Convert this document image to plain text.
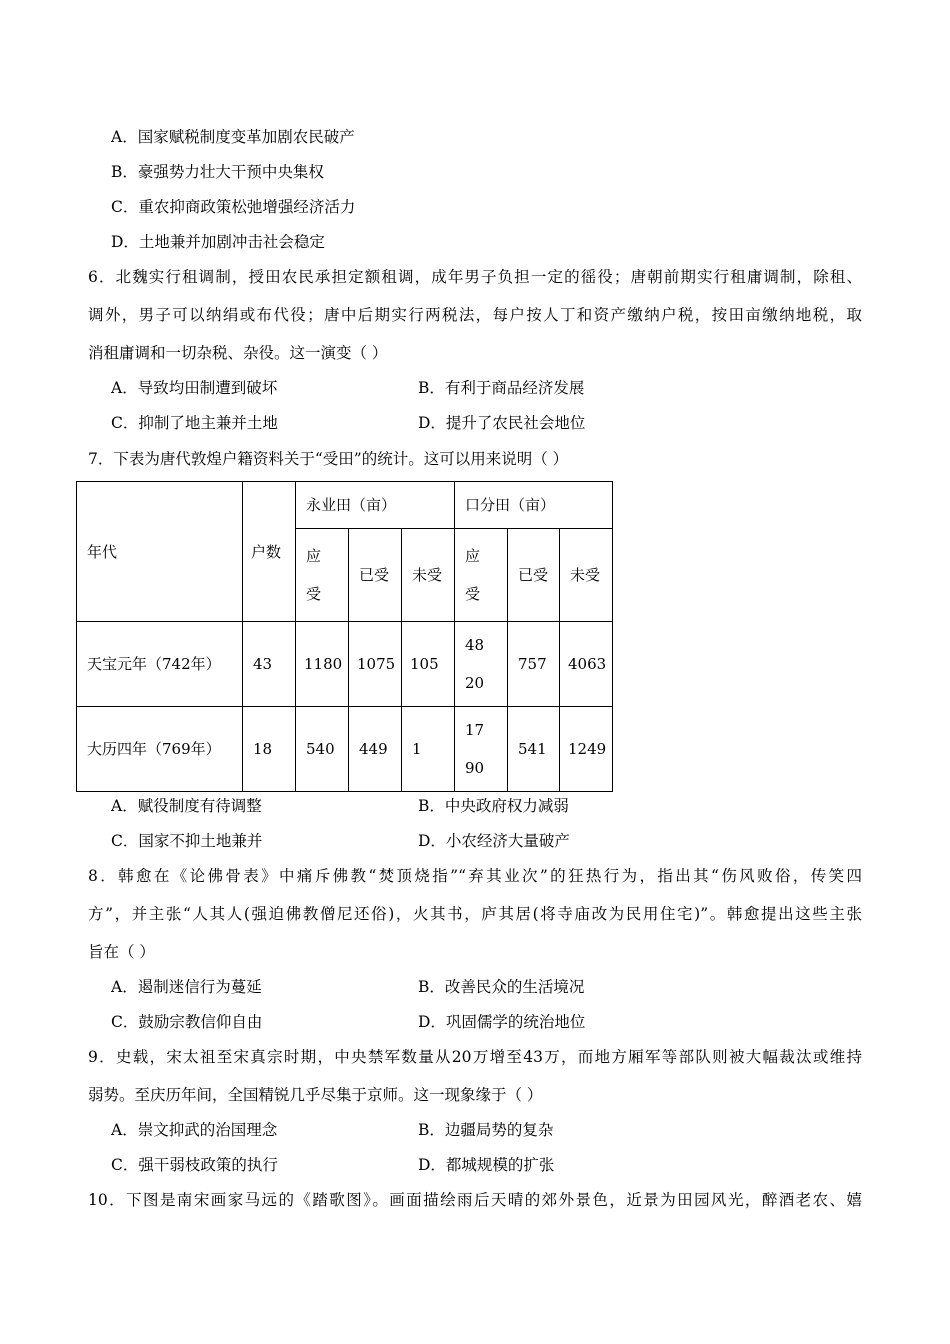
A．国家赋税制度变革加剧农民破产
B．豪强势力壮大干预中央集权
C．重农抑商政策松弛增强经济活力
D．土地兼并加剧冲击社会稳定
6．北魏实行租调制，授田农民承担定额租调，成年男子负担一定的徭役；唐朝前期实行租庸调制，除租、
调外，男子可以纳绢或布代役；唐中后期实行两税法，每户按人丁和资产缴纳户税，按田亩缴纳地税，取
消租庸调和一切杂税、杂役。这一演变（ ）
A．导致均田制遭到破坏	B．有利于商品经济发展
C．抑制了地主兼并土地	D．提升了农民社会地位
7．下表为唐代敦煌户籍资料关于“受田”的统计。这可以用来说明（ ）
年代	户数	永业田（亩）			口分田（亩）		
		应受	已受	未受	应受	已受	未受
天宝元年（742年）	43	1180	1075	105	4820	757	4063
大历四年（769年）	18	540	449	1	1790	541	1249
A．赋役制度有待调整	B．中央政府权力减弱
C．国家不抑土地兼并	D．小农经济大量破产
8．韩愈在《论佛骨表》中痛斥佛教“焚顶烧指”“弃其业次”的狂热行为，指出其“伤风败俗，传笑四
方”，并主张“人其人(强迫佛教僧尼还俗)，火其书，庐其居(将寺庙改为民用住宅)”。韩愈提出这些主张
旨在（ ）
A．遏制迷信行为蔓延	B．改善民众的生活境况
C．鼓励宗教信仰自由	D．巩固儒学的统治地位
9．史载，宋太祖至宋真宗时期，中央禁军数量从20万增至43万，而地方厢军等部队则被大幅裁汰或维持
弱势。至庆历年间，全国精锐几乎尽集于京师。这一现象缘于（ ）
A．崇文抑武的治国理念	B．边疆局势的复杂
C．强干弱枝政策的执行	D．都城规模的扩张
10．下图是南宋画家马远的《踏歌图》。画面描绘雨后天晴的郊外景色，近景为田园风光，醉酒老农、嬉
